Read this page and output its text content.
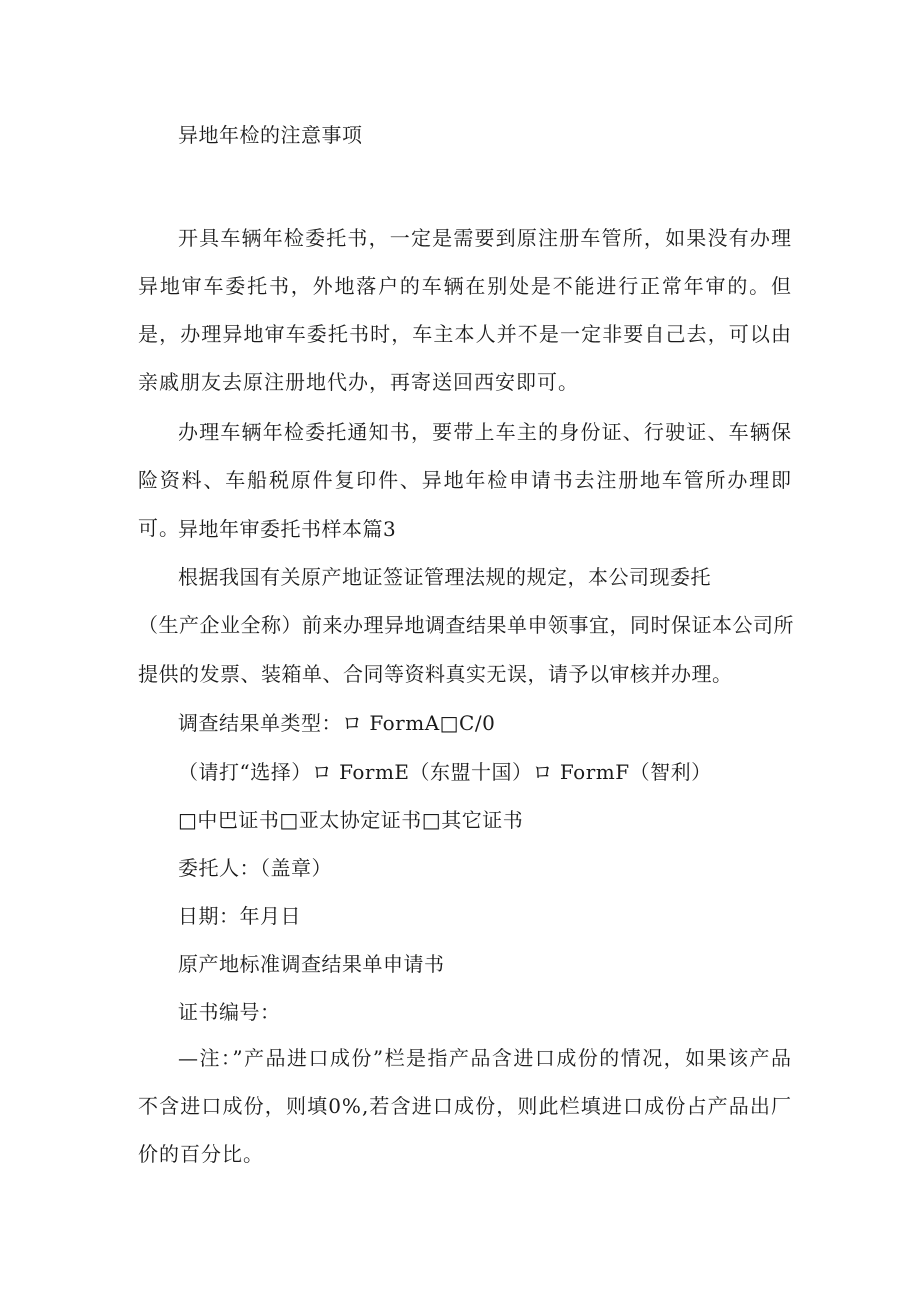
异地年检的注意事项
开具车辆年检委托书，一定是需要到原注册车管所，如果没有办理异地审车委托书，外地落户的车辆在别处是不能进行正常年审的。但是，办理异地审车委托书时，车主本人并不是一定非要自己去，可以由亲戚朋友去原注册地代办，再寄送回西安即可。
办理车辆年检委托通知书，要带上车主的身份证、行驶证、车辆保险资料、车船税原件复印件、异地年检申请书去注册地车管所办理即可。
异地年审委托书样本篇3
根据我国有关原产地证签证管理法规的规定，本公司现委托
（生产企业全称）前来办理异地调查结果单申领事宜，同时保证本公司所
提供的发票、装箱单、合同等资料真实无误，请予以审核并办理。
调查结果单类型：ロ FormA□C/0
（请打“选择）ロ FormE（东盟十国）ロ FormF（智利）
□中巴证书□亚太协定证书□其它证书
委托人：（盖章）
日期：年月日
原产地标准调查结果单申请书
证书编号：
—注：”产品进口成份”栏是指产品含进口成份的情况，如果该产品不含进口成份，则填0%,若含进口成份，则此栏填进口成份占产品出厂价的百分比。
